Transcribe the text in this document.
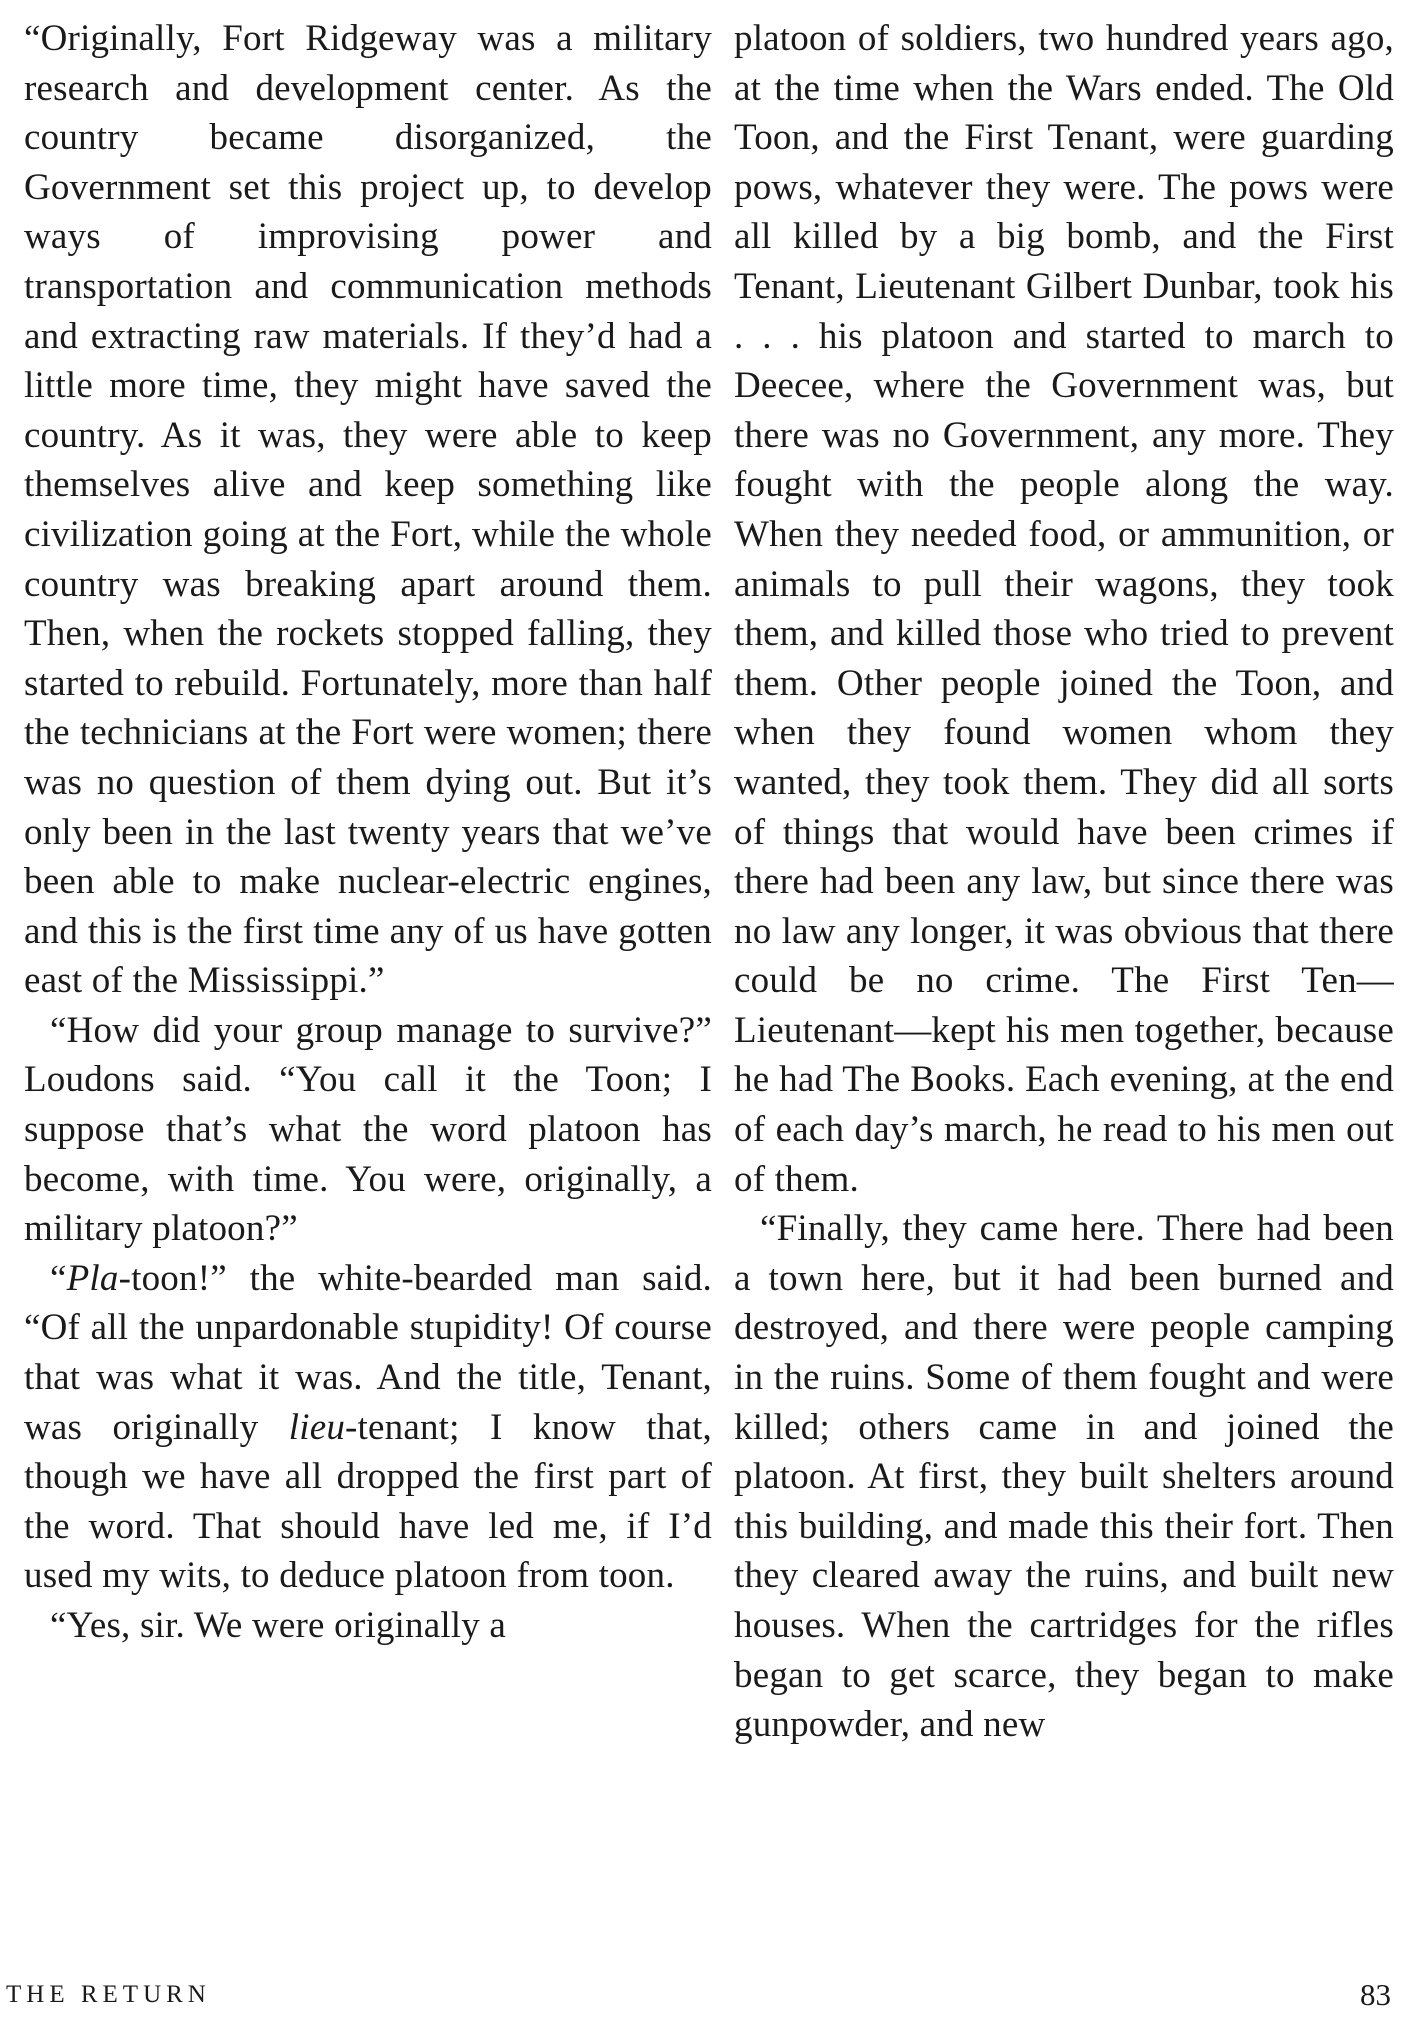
“Originally, Fort Ridgeway was a military research and development center. As the country became disorganized, the Government set this project up, to develop ways of improvising power and transportation and communication methods and extracting raw materials. If they’d had a little more time, they might have saved the country. As it was, they were able to keep themselves alive and keep something like civilization going at the Fort, while the whole country was breaking apart around them. Then, when the rockets stopped falling, they started to rebuild. Fortunately, more than half the technicians at the Fort were women; there was no question of them dying out. But it’s only been in the last twenty years that we’ve been able to make nuclear-electric engines, and this is the first time any of us have gotten east of the Mississippi.”

“How did your group manage to survive?” Loudons said. “You call it the Toon; I suppose that’s what the word platoon has become, with time. You were, originally, a military platoon?”

“Pla-toon!” the white-bearded man said. “Of all the unpardonable stupidity! Of course that was what it was. And the title, Tenant, was originally lieu-tenant; I know that, though we have all dropped the first part of the word. That should have led me, if I’d used my wits, to deduce platoon from toon.

“Yes, sir. We were originally a

platoon of soldiers, two hundred years ago, at the time when the Wars ended. The Old Toon, and the First Tenant, were guarding pows, whatever they were. The pows were all killed by a big bomb, and the First Tenant, Lieutenant Gilbert Dunbar, took his . . . his platoon and started to march to Deecee, where the Government was, but there was no Government, any more. They fought with the people along the way. When they needed food, or ammunition, or animals to pull their wagons, they took them, and killed those who tried to prevent them. Other people joined the Toon, and when they found women whom they wanted, they took them. They did all sorts of things that would have been crimes if there had been any law, but since there was no law any longer, it was obvious that there could be no crime. The First Ten—Lieutenant—kept his men together, because he had The Books. Each evening, at the end of each day’s march, he read to his men out of them.

“Finally, they came here. There had been a town here, but it had been burned and destroyed, and there were people camping in the ruins. Some of them fought and were killed; others came in and joined the platoon. At first, they built shelters around this building, and made this their fort. Then they cleared away the ruins, and built new houses. When the cartridges for the rifles began to get scarce, they began to make gunpowder, and new

THE RETURN	83
